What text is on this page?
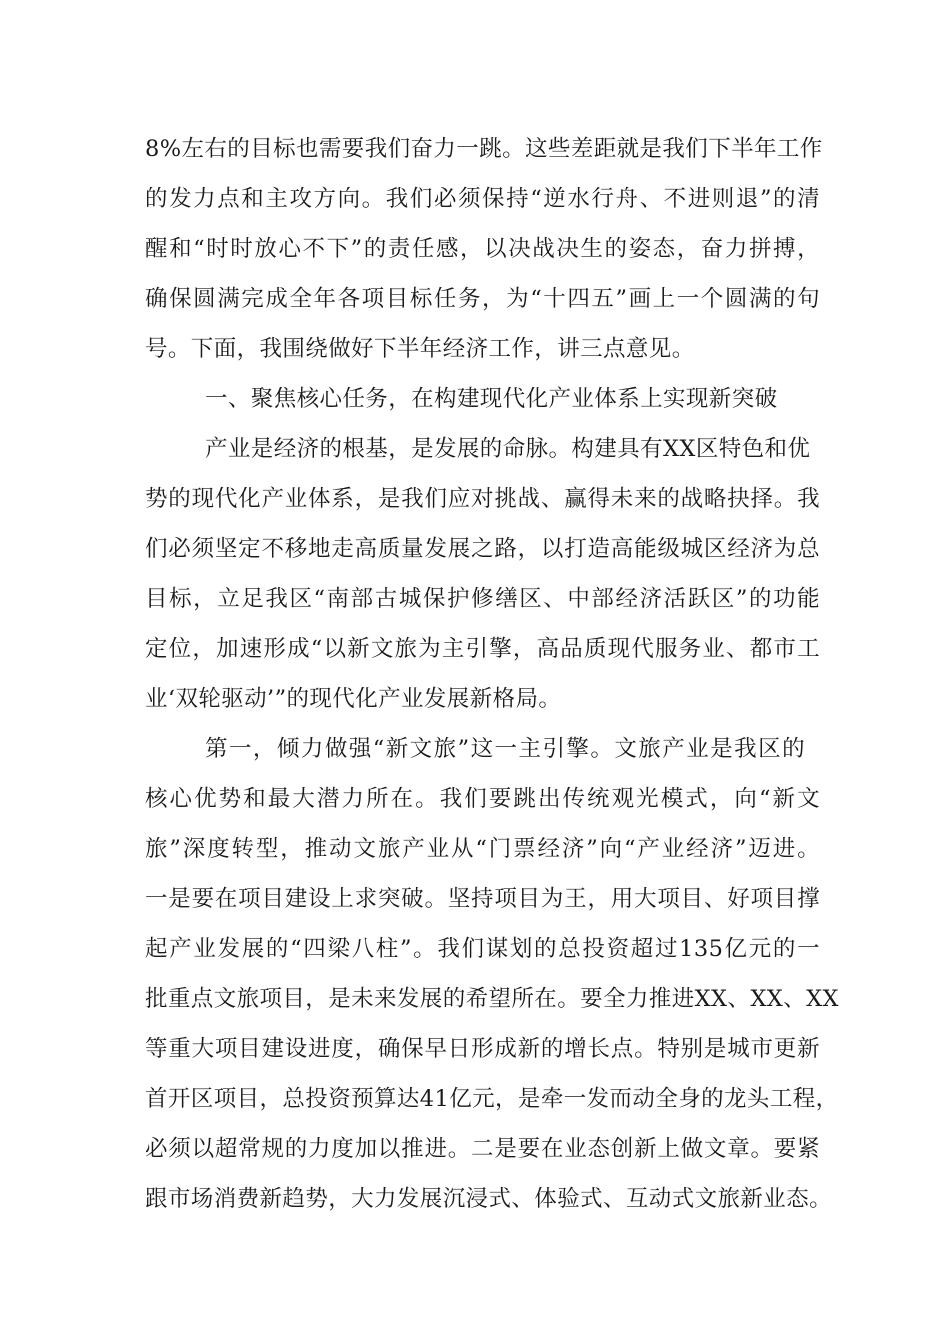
8%左右的目标也需要我们奋力一跳。这些差距就是我们下半年工作
的发力点和主攻方向。我们必须保持“逆水行舟、不进则退”的清
醒和“时时放心不下”的责任感，以决战决生的姿态，奋力拼搏，
确保圆满完成全年各项目标任务，为“十四五”画上一个圆满的句
号。下面，我围绕做好下半年经济工作，讲三点意见。
一、聚焦核心任务，在构建现代化产业体系上实现新突破
产业是经济的根基，是发展的命脉。构建具有XX区特色和优
势的现代化产业体系，是我们应对挑战、赢得未来的战略抉择。我
们必须坚定不移地走高质量发展之路，以打造高能级城区经济为总
目标，立足我区“南部古城保护修缮区、中部经济活跃区”的功能
定位，加速形成“以新文旅为主引擎，高品质现代服务业、都市工
业‘双轮驱动’”的现代化产业发展新格局。
第一，倾力做强“新文旅”这一主引擎。文旅产业是我区的
核心优势和最大潜力所在。我们要跳出传统观光模式，向“新文
旅”深度转型，推动文旅产业从“门票经济”向“产业经济”迈进。
一是要在项目建设上求突破。坚持项目为王，用大项目、好项目撑
起产业发展的“四梁八柱”。我们谋划的总投资超过135亿元的一
批重点文旅项目，是未来发展的希望所在。要全力推进XX、XX、XX
等重大项目建设进度，确保早日形成新的增长点。特别是城市更新
首开区项目，总投资预算达41亿元，是牵一发而动全身的龙头工程，
必须以超常规的力度加以推进。二是要在业态创新上做文章。要紧
跟市场消费新趋势，大力发展沉浸式、体验式、互动式文旅新业态。
